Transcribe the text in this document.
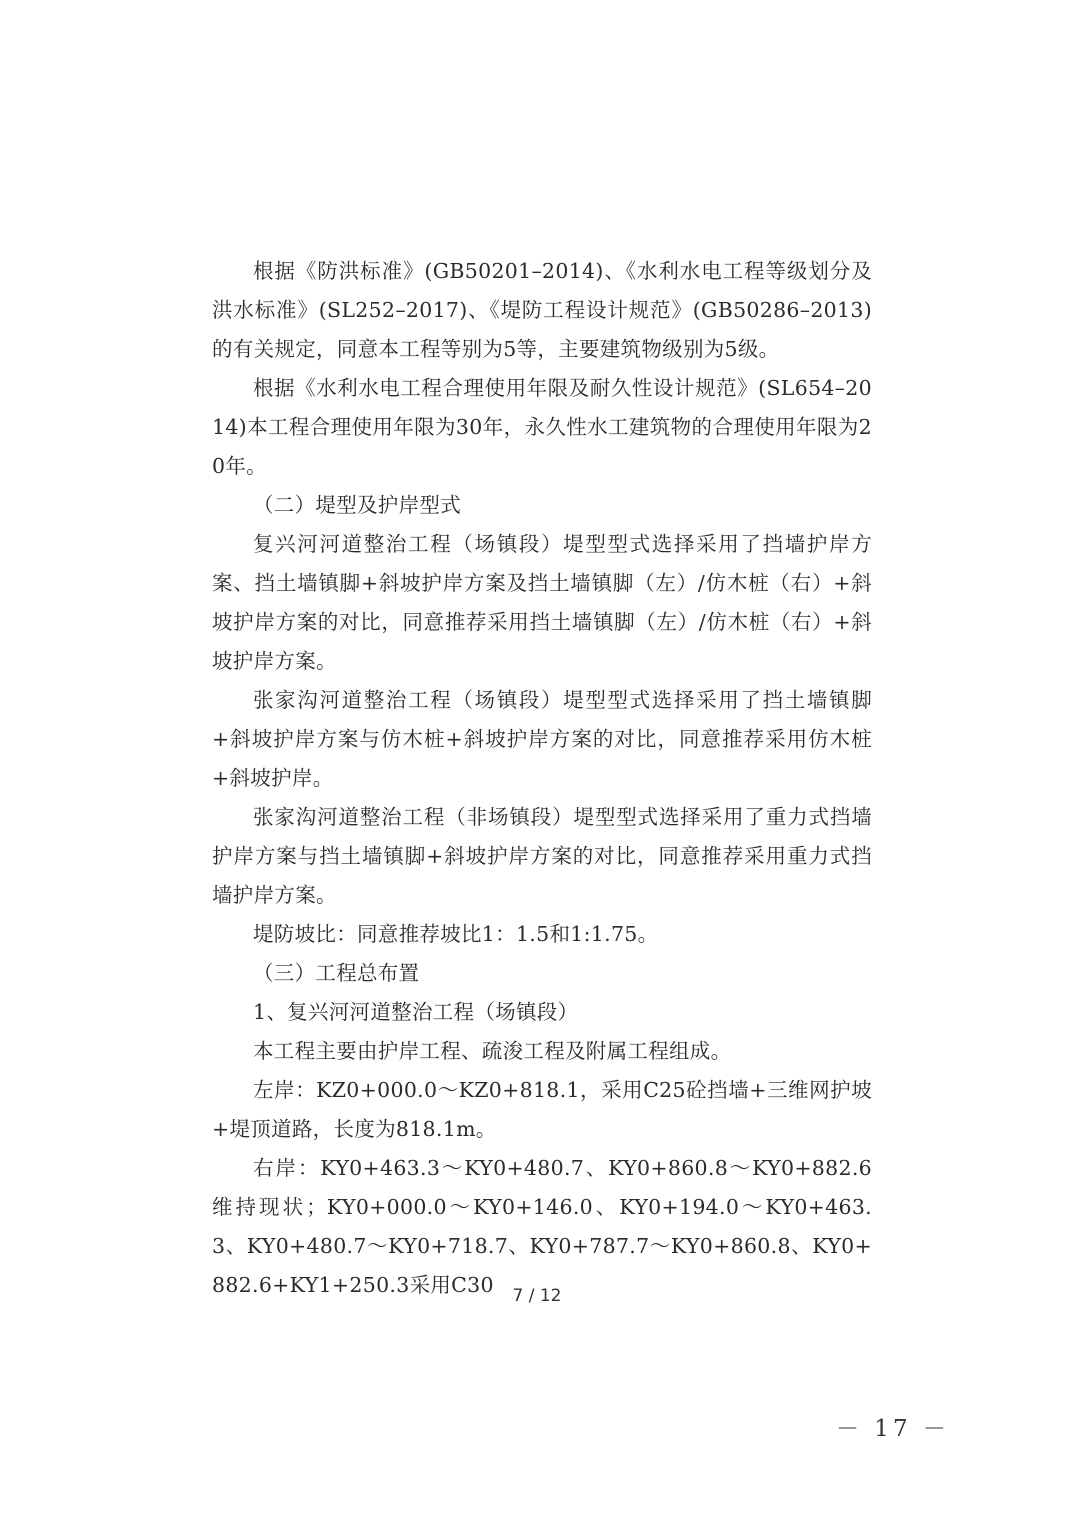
根据《防洪标准》(GB50201–2014)、《水利水电工程等级划分及洪水标准》(SL252–2017)、《堤防工程设计规范》(GB50286–2013)的有关规定，同意本工程等别为5等，主要建筑物级别为5级。

根据《水利水电工程合理使用年限及耐久性设计规范》(SL654–2014)本工程合理使用年限为30年，永久性水工建筑物的合理使用年限为20年。

（二）堤型及护岸型式

复兴河河道整治工程（场镇段）堤型型式选择采用了挡墙护岸方案、挡土墙镇脚+斜坡护岸方案及挡土墙镇脚（左）/仿木桩（右）+斜坡护岸方案的对比，同意推荐采用挡土墙镇脚（左）/仿木桩（右）+斜坡护岸方案。

张家沟河道整治工程（场镇段）堤型型式选择采用了挡土墙镇脚+斜坡护岸方案与仿木桩+斜坡护岸方案的对比，同意推荐采用仿木桩+斜坡护岸。

张家沟河道整治工程（非场镇段）堤型型式选择采用了重力式挡墙护岸方案与挡土墙镇脚+斜坡护岸方案的对比，同意推荐采用重力式挡墙护岸方案。

堤防坡比：同意推荐坡比1：1.5和1:1.75。

（三）工程总布置

1、复兴河河道整治工程（场镇段）

本工程主要由护岸工程、疏浚工程及附属工程组成。

左岸：KZ0+000.0～KZ0+818.1，采用C25砼挡墙+三维网护坡+堤顶道路，长度为818.1m。

右岸：KY0+463.3～KY0+480.7、KY0+860.8～KY0+882.6维持现状；KY0+000.0～KY0+146.0、KY0+194.0～KY0+463.3、KY0+480.7～KY0+718.7、KY0+787.7～KY0+860.8、KY0+882.6+KY1+250.3采用C30	7 / 12
－ 17 －
